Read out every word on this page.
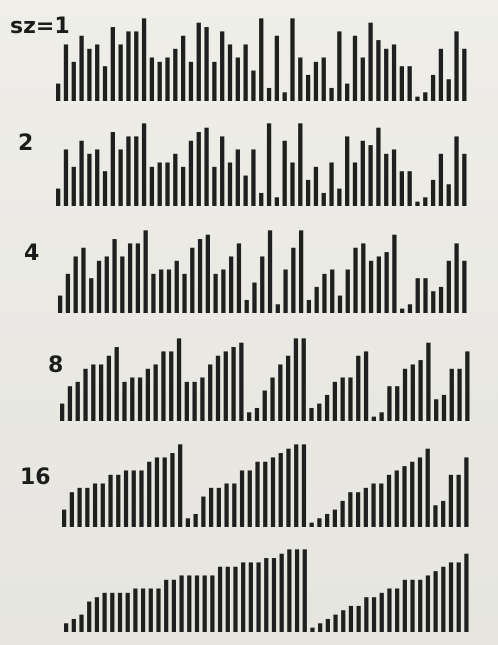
sz=1
2
4
8
16
